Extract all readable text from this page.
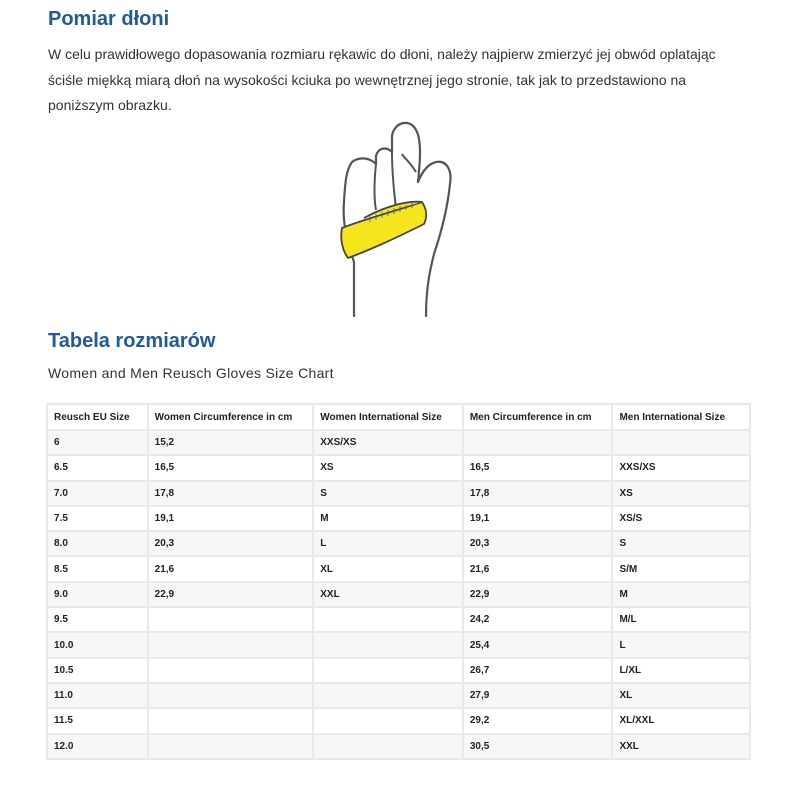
Pomiar dłoni
W celu prawidłowego dopasowania rozmiaru rękawic do dłoni, należy najpierw zmierzyć jej obwód oplatając ściśle miękką miarą dłoń na wysokości kciuka po wewnętrznej jego stronie, tak jak to przedstawiono na poniższym obrazku.
Tabela rozmiarów
Women and Men Reusch Gloves Size Chart
Reusch EU Size	Women Circumference in cm	Women International Size	Men Circumference in cm	Men International Size
6	15,2	XXS/XS		
6.5	16,5	XS	16,5	XXS/XS
7.0	17,8	S	17,8	XS
7.5	19,1	M	19,1	XS/S
8.0	20,3	L	20,3	S
8.5	21,6	XL	21,6	S/M
9.0	22,9	XXL	22,9	M
9.5			24,2	M/L
10.0			25,4	L
10.5			26,7	L/XL
11.0			27,9	XL
11.5			29,2	XL/XXL
12.0			30,5	XXL
